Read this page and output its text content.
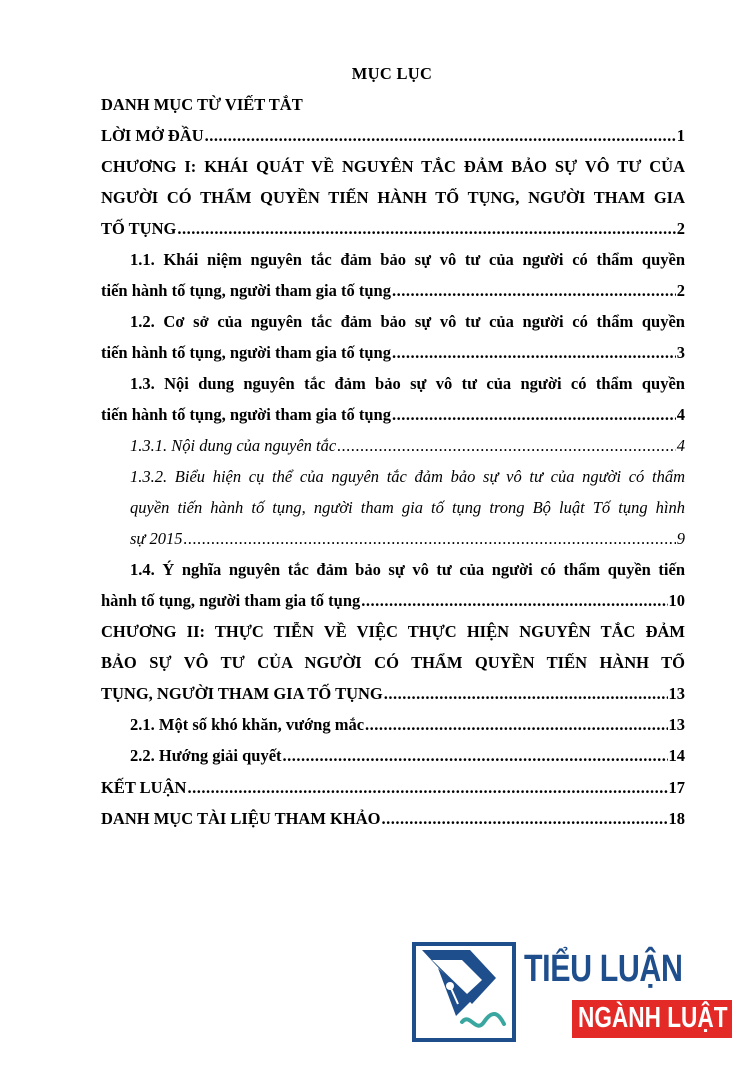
MỤC LỤC
DANH MỤC TỪ VIẾT TẮT
LỜI MỞ ĐẦU .....	1
CHƯƠNG I: KHÁI QUÁT VỀ NGUYÊN TẮC ĐẢM BẢO SỰ VÔ TƯ CỦA
NGƯỜI CÓ THẨM QUYỀN TIẾN HÀNH TỐ TỤNG, NGƯỜI THAM GIA
TỐ TỤNG .....	2
1.1. Khái niệm nguyên tắc đảm bảo sự vô tư của người có thẩm quyền
tiến hành tố tụng, người tham gia tố tụng .....	2
1.2. Cơ sở của nguyên tắc đảm bảo sự vô tư của người có thẩm quyền
tiến hành tố tụng, người tham gia tố tụng .....	3
1.3. Nội dung nguyên tắc đảm bảo sự vô tư của người có thẩm quyền
tiến hành tố tụng, người tham gia tố tụng .....	4
1.3.1. Nội dung của nguyên tắc .....	4
1.3.2. Biểu hiện cụ thể của nguyên tắc đảm bảo sự vô tư của người có thẩm
quyền tiến hành tố tụng, người tham gia tố tụng trong Bộ luật Tố tụng hình
sự 2015 .....	9
1.4. Ý nghĩa nguyên tắc đảm bảo sự vô tư của người có thẩm quyền tiến
hành tố tụng, người tham gia tố tụng .....	10
CHƯƠNG II: THỰC TIỄN VỀ VIỆC THỰC HIỆN NGUYÊN TẮC ĐẢM
BẢO SỰ VÔ TƯ CỦA NGƯỜI CÓ THẨM QUYỀN TIẾN HÀNH TỐ
TỤNG, NGƯỜI THAM GIA TỐ TỤNG .....	13
2.1. Một số khó khăn, vướng mắc .....	13
2.2. Hướng giải quyết .....	14
KẾT LUẬN .....	17
DANH MỤC TÀI LIỆU THAM KHẢO .....	18
TIỂU LUẬN
NGÀNH LUẬT
